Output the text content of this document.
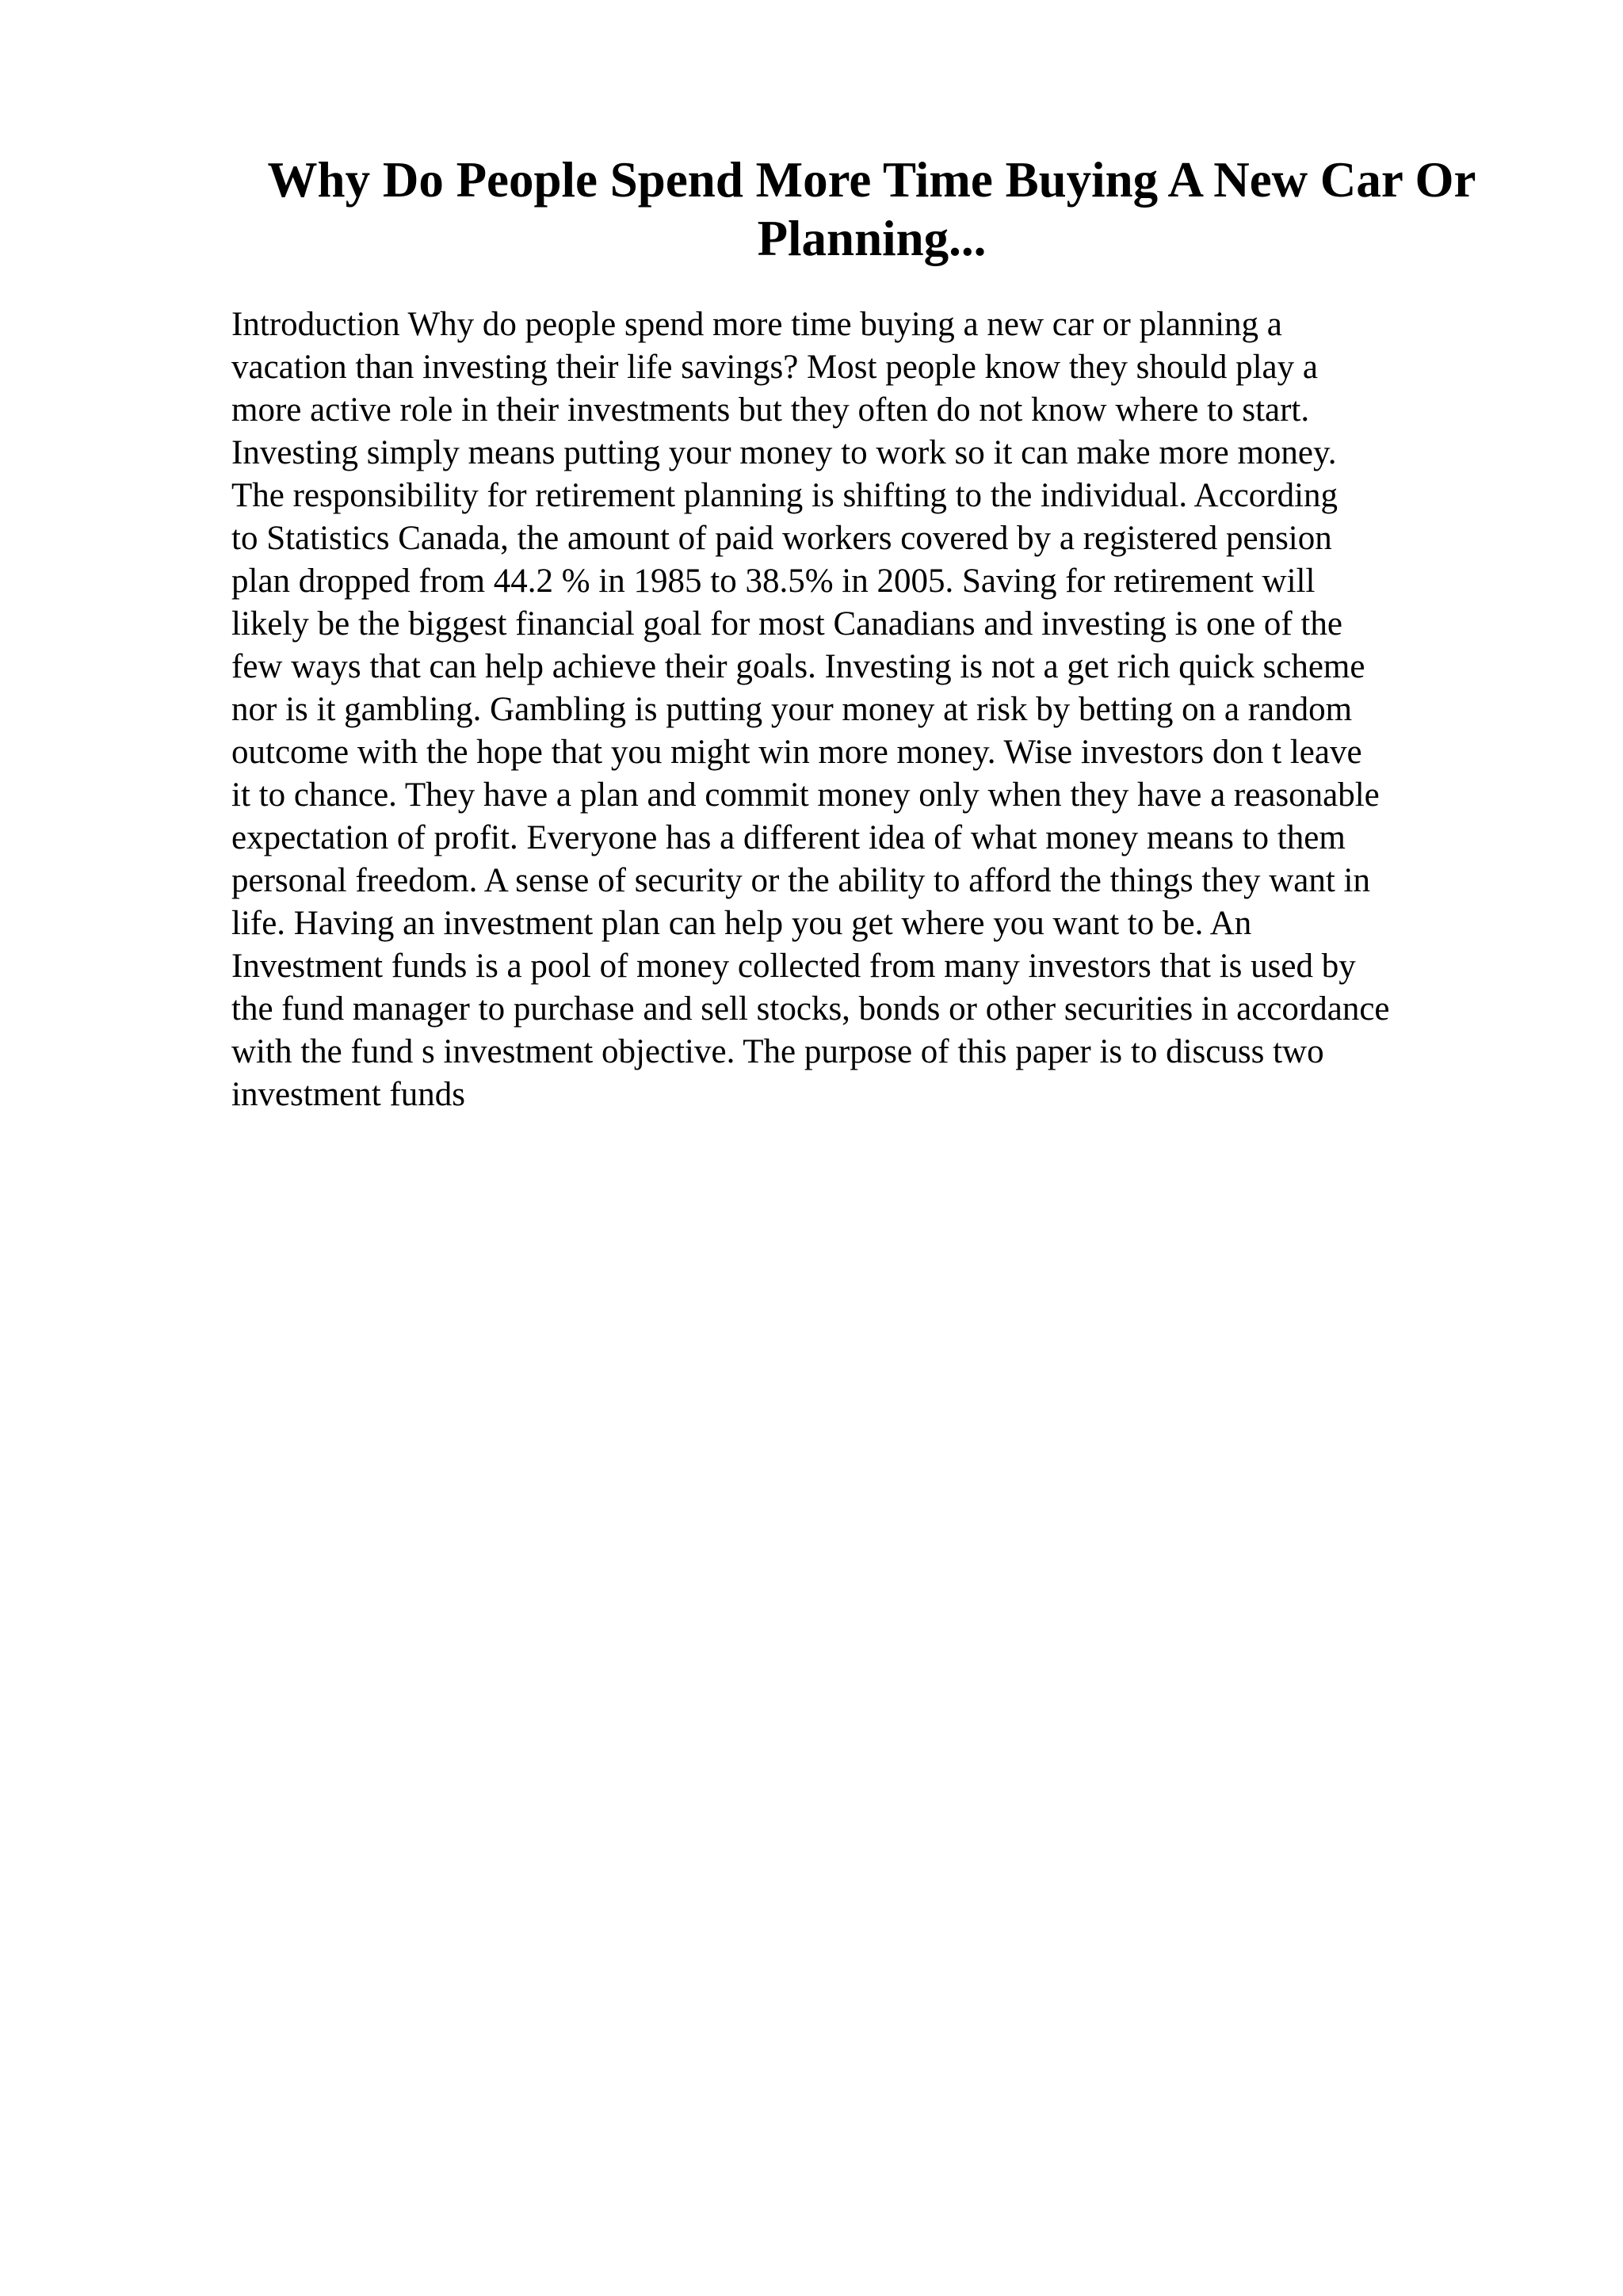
Why Do People Spend More Time Buying A New Car Or
Planning...
Introduction Why do people spend more time buying a new car or planning a
vacation than investing their life savings? Most people know they should play a
more active role in their investments but they often do not know where to start.
Investing simply means putting your money to work so it can make more money.
The responsibility for retirement planning is shifting to the individual. According
to Statistics Canada, the amount of paid workers covered by a registered pension
plan dropped from 44.2 % in 1985 to 38.5% in 2005. Saving for retirement will
likely be the biggest financial goal for most Canadians and investing is one of the
few ways that can help achieve their goals. Investing is not a get rich quick scheme
nor is it gambling. Gambling is putting your money at risk by betting on a random
outcome with the hope that you might win more money. Wise investors don t leave
it to chance. They have a plan and commit money only when they have a reasonable
expectation of profit. Everyone has a different idea of what money means to them
personal freedom. A sense of security or the ability to afford the things they want in
life. Having an investment plan can help you get where you want to be. An
Investment funds is a pool of money collected from many investors that is used by
the fund manager to purchase and sell stocks, bonds or other securities in accordance
with the fund s investment objective. The purpose of this paper is to discuss two
investment funds
